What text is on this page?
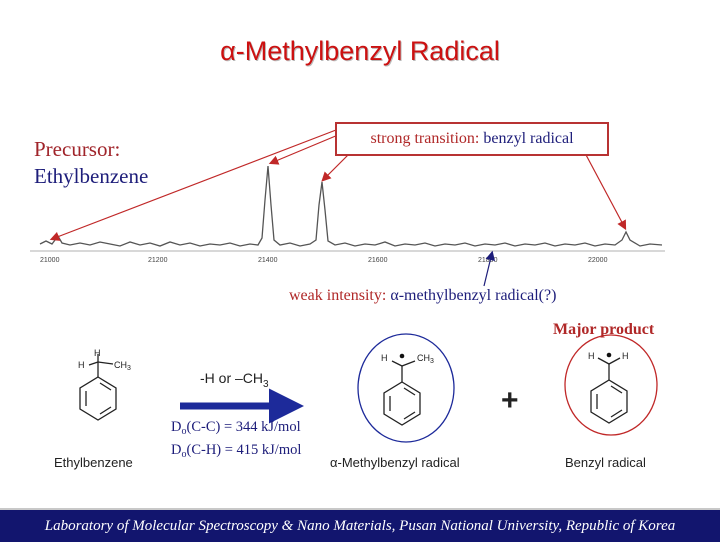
α-Methylbenzyl Radical
Precursor:
Ethylbenzene
21000	21200	21400	21600	21800	22000
H
H	$CH_3$
H	$CH_3$
H	H
strong transition: benzyl radical
weak intensity: α-methylbenzyl radical(?)
Major product
-H or $-CH_3$
$D_o(C-C) = 344$ kJ/mol
$D_o(C-H) = 415$ kJ/mol
Ethylbenzene	α-Methylbenzyl radical	Benzyl radical
+
Laboratory of Molecular Spectroscopy & Nano Materials, Pusan National University, Republic of Korea
